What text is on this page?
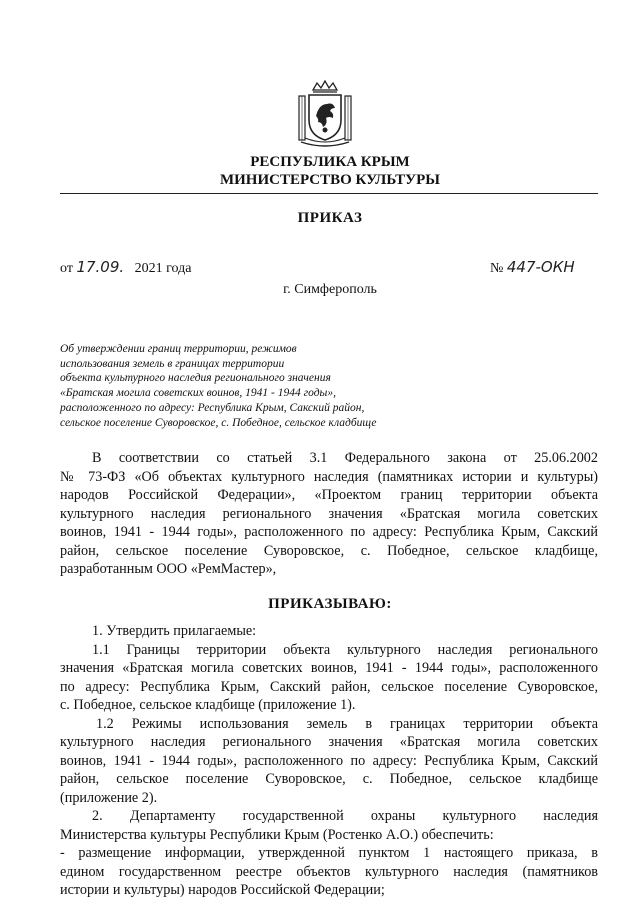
РЕСПУБЛИКА КРЫМ
МИНИСТЕРСТВО КУЛЬТУРЫ
ПРИКАЗ
от 17.09. 2021 года	№ 447-ОКН
г. Симферополь
Об утверждении границ территории, режимов
использования земель в границах территории
объекта культурного наследия регионального значения
«Братская могила советских воинов, 1941 - 1944 годы»,
расположенного по адресу: Республика Крым, Сакский район,
сельское поселение Суворовское, с. Победное, сельское кладбище
В соответствии со статьей 3.1 Федерального закона от 25.06.2002
№ 73-ФЗ «Об объектах культурного наследия (памятниках истории и культуры)
народов Российской Федерации», «Проектом границ территории объекта
культурного наследия регионального значения «Братская могила советских
воинов, 1941 - 1944 годы», расположенного по адресу: Республика Крым, Сакский
район, сельское поселение Суворовское, с. Победное, сельское кладбище,
разработанным ООО «РемМастер»,
ПРИКАЗЫВАЮ:
1. Утвердить прилагаемые:
1.1 Границы территории объекта культурного наследия регионального
значения «Братская могила советских воинов, 1941 - 1944 годы», расположенного
по адресу: Республика Крым, Сакский район, сельское поселение Суворовское,
с. Победное, сельское кладбище (приложение 1).
1.2 Режимы использования земель в границах территории объекта
культурного наследия регионального значения «Братская могила советских
воинов, 1941 - 1944 годы», расположенного по адресу: Республика Крым, Сакский
район, сельское поселение Суворовское, с. Победное, сельское кладбище
(приложение 2).
2. Департаменту государственной охраны культурного наследия
Министерства культуры Республики Крым (Ростенко А.О.) обеспечить:
- размещение информации, утвержденной пунктом 1 настоящего приказа, в
едином государственном реестре объектов культурного наследия (памятников
истории и культуры) народов Российской Федерации;
